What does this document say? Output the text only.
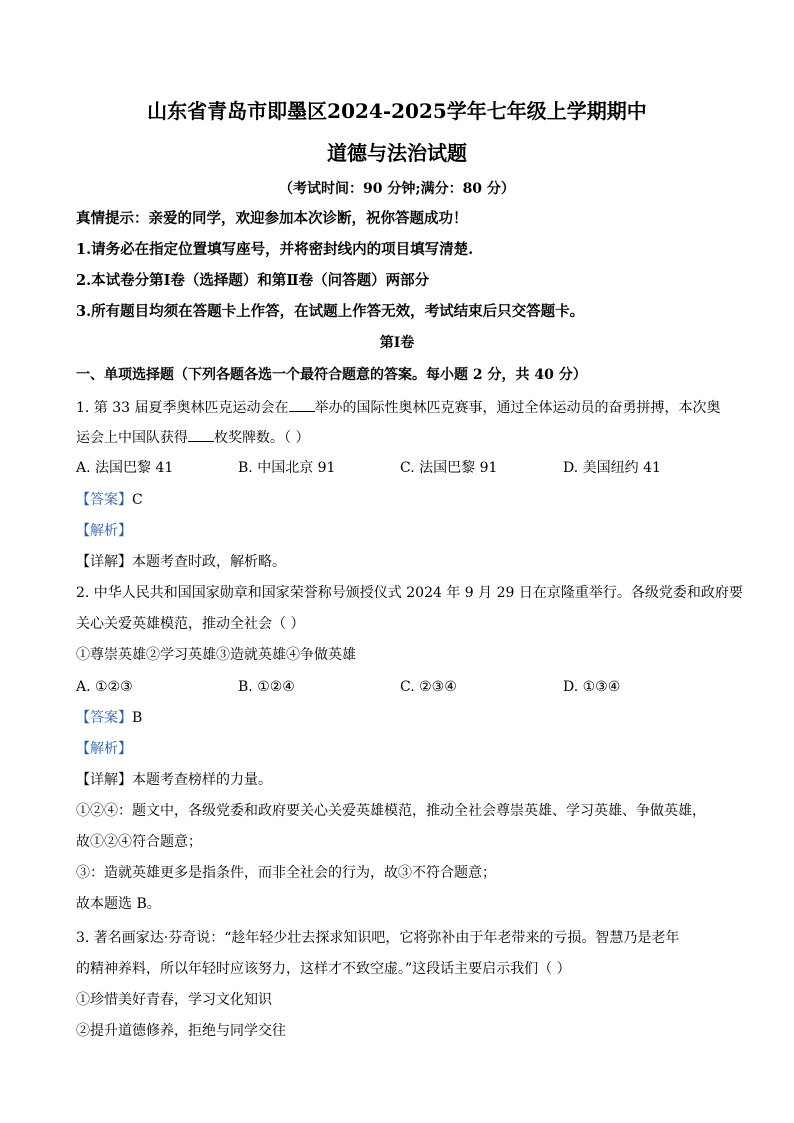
山东省青岛市即墨区2024-2025学年七年级上学期期中
道德与法治试题
（考试时间：90 分钟;满分：80 分）
真情提示：亲爱的同学，欢迎参加本次诊断，祝你答题成功！
1.请务必在指定位置填写座号，并将密封线内的项目填写清楚.
2.本试卷分第Ⅰ卷（选择题）和第Ⅱ卷（问答题）两部分
3.所有题目均须在答题卡上作答，在试题上作答无效，考试结束后只交答题卡。
第Ⅰ卷
一、单项选择题（下列各题各选一个最符合题意的答案。每小题 2 分，共 40 分）
1. 第 33 届夏季奥林匹克运动会在 举办的国际性奥林匹克赛事，通过全体运动员的奋勇拼搏，本次奥
运会上中国队获得 枚奖牌数。（ ）
A. 法国巴黎 41	B. 中国北京 91	C. 法国巴黎 91	D. 美国纽约 41
【答案】C
【解析】
【详解】本题考查时政，解析略。
2. 中华人民共和国国家勋章和国家荣誉称号颁授仪式 2024 年 9 月 29 日在京隆重举行。各级党委和政府要
关心关爱英雄模范，推动全社会（ ）
①尊崇英雄②学习英雄③造就英雄④争做英雄
A. ①②③	B. ①②④	C. ②③④	D. ①③④
【答案】B
【解析】
【详解】本题考查榜样的力量。
①②④：题文中，各级党委和政府要关心关爱英雄模范，推动全社会尊崇英雄、学习英雄、争做英雄，
故①②④符合题意；
③：造就英雄更多是指条件，而非全社会的行为，故③不符合题意；
故本题选 B。
3. 著名画家达·芬奇说：“趁年轻少壮去探求知识吧，它将弥补由于年老带来的亏损。智慧乃是老年
的精神养料，所以年轻时应该努力，这样才不致空虚。”这段话主要启示我们（ ）
①珍惜美好青春，学习文化知识
②提升道德修养，拒绝与同学交往
